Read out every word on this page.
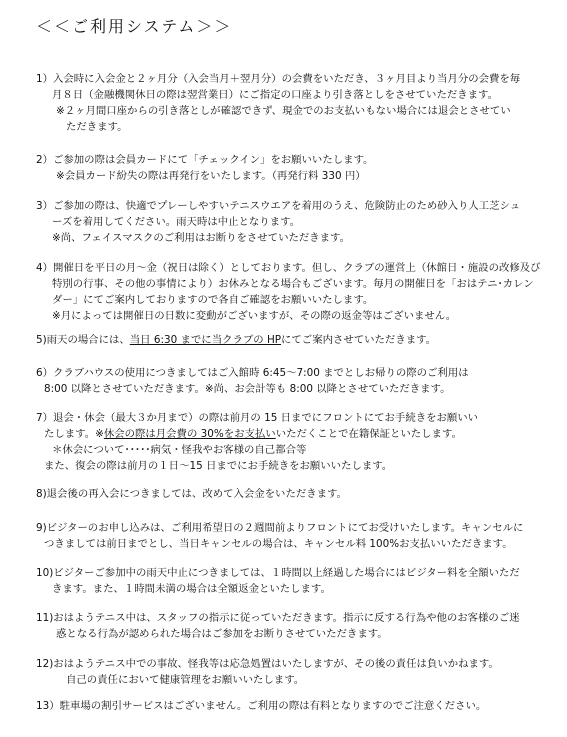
＜＜ご利用システム＞＞
1）入会時に入会金と２ヶ月分（入会当月＋翌月分）の会費をいただき、３ヶ月目より当月分の会費を毎
月８日（金融機関休日の際は翌営業日）にご指定の口座より引き落としをさせていただきます。
※２ヶ月間口座からの引き落としが確認できず、現金でのお支払いもない場合には退会とさせてい
ただきます。
2）ご参加の際は会員カードにて「チェックイン」をお願いいたします。
※会員カード紛失の際は再発行をいたします。（再発行料 330 円）
3）ご参加の際は、快適でプレーしやすいテニスウエアを着用のうえ、危険防止のため砂入り人工芝シュ
ーズを着用してください。雨天時は中止となります。
※尚、フェイスマスクのご利用はお断りをさせていただきます。
4）開催日を平日の月～金（祝日は除く）としております。但し、クラブの運営上（休館日・施設の改修及び
特別の行事、その他の事情により）お休みとなる場合もございます。毎月の開催日を「おはテニ･カレン
ダー」にてご案内しておりますので各自ご確認をお願いいたします。
※月によっては開催日の日数に変動がございますが、その際の返金等はございません。
5)雨天の場合には、当日 6:30 までに当クラブの HPにてご案内させていただきます。
6）クラブハウスの使用につきましてはご入館時 6:45～7:00 までとしお帰りの際のご利用は
8:00 以降とさせていただきます。※尚、お会計等も 8:00 以降とさせていただきます。
7）退会・休会（最大３か月まで）の際は前月の 15 日までにフロントにてお手続きをお願いい
たします。※休会の際は月会費の 30%をお支払いいただくことで在籍保証といたします。
＊休会について･････病気・怪我やお客様の自己都合等
また、復会の際は前月の１日～15 日までにお手続きをお願いいたします。
8)退会後の再入会につきましては、改めて入会金をいただきます。
9)ビジターのお申し込みは、ご利用希望日の２週間前よりフロントにてお受けいたします。キャンセルに
つきましては前日までとし、当日キャンセルの場合は、キャンセル料 100%お支払いいただきます。
10)ビジターご参加中の雨天中止につきましては、１時間以上経過した場合にはビジター料を全額いただ
きます。また、１時間未満の場合は全額返金といたします。
11)おはようテニス中は、スタッフの指示に従っていただきます。指示に反する行為や他のお客様のご迷
惑となる行為が認められた場合はご参加をお断りさせていただきます。
12)おはようテニス中での事故、怪我等は応急処置はいたしますが、その後の責任は負いかねます。
自己の責任において健康管理をお願いいたします。
13）駐車場の割引サービスはございません。ご利用の際は有料となりますのでご注意ください。
